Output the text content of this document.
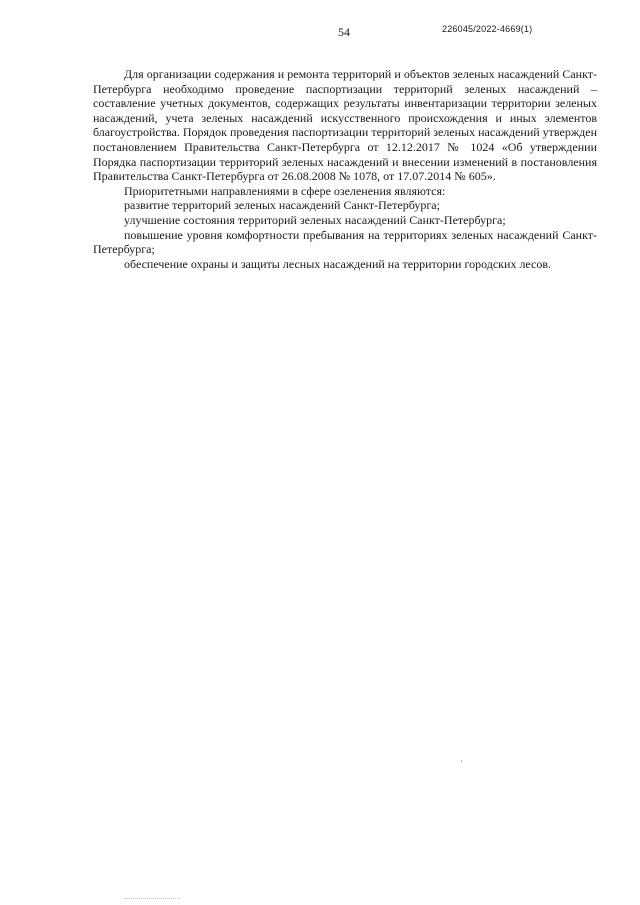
54	226045/2022-4669(1)

Для организации содержания и ремонта территорий и объектов зеленых насаждений Санкт-Петербурга необходимо проведение паспортизации территорий зеленых насаждений – составление учетных документов, содержащих результаты инвентаризации территории зеленых насаждений, учета зеленых насаждений искусственного происхождения и иных элементов благоустройства. Порядок проведения паспортизации территорий зеленых насаждений утвержден постановлением Правительства Санкт-Петербурга от 12.12.2017 № 1024 «Об утверждении Порядка паспортизации территорий зеленых насаждений и внесении изменений в постановления Правительства Санкт-Петербурга от 26.08.2008 № 1078, от 17.07.2014 № 605».

Приоритетными направлениями в сфере озеленения являются:

развитие территорий зеленых насаждений Санкт-Петербурга;

улучшение состояния территорий зеленых насаждений Санкт-Петербурга;

повышение уровня комфортности пребывания на территориях зеленых насаждений Санкт-Петербурга;

обеспечение охраны и защиты лесных насаждений на территории городских лесов.
